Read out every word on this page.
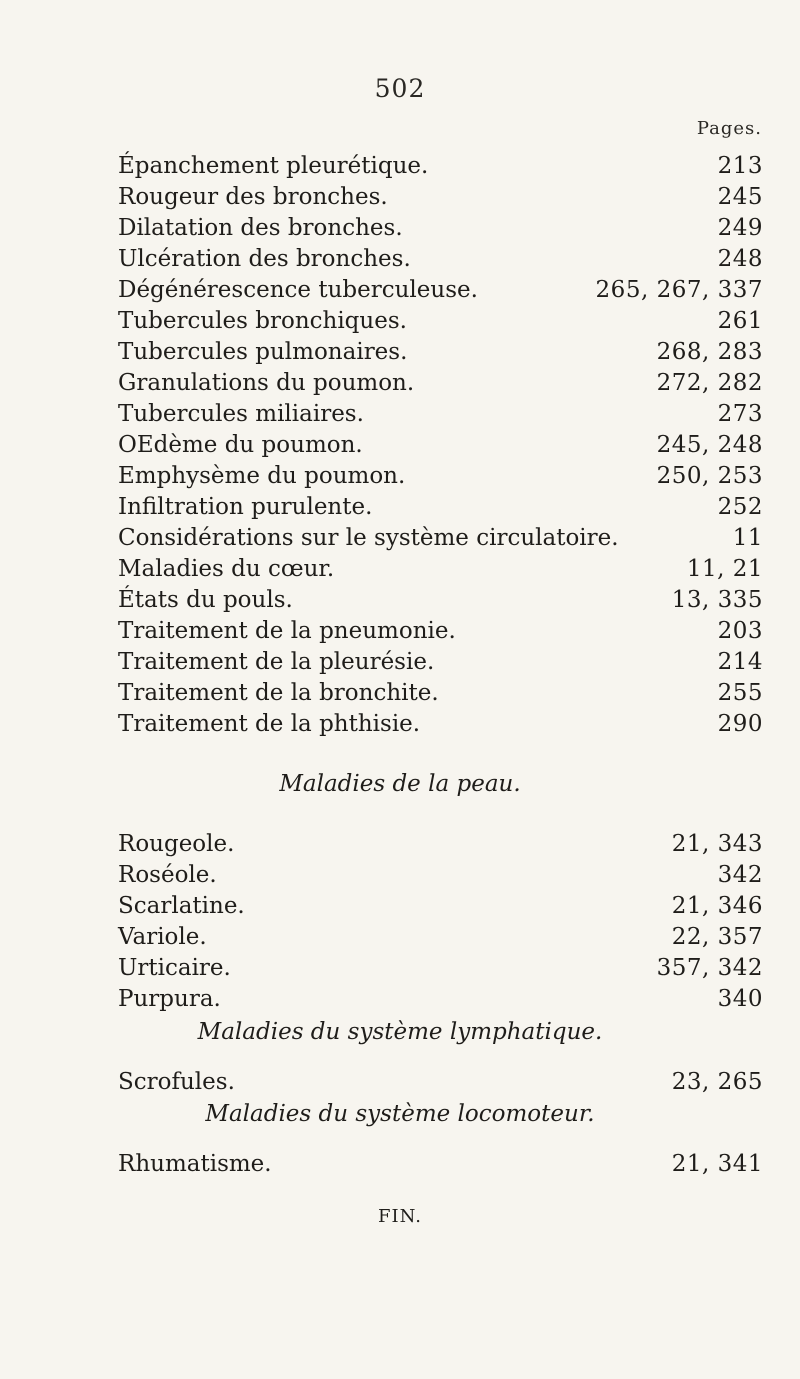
502
Pages.
Épanchement pleurétique.	213
Rougeur des bronches.	245
Dilatation des bronches.	249
Ulcération des bronches.	248
Dégénérescence tuberculeuse.	265, 267, 337
Tubercules bronchiques.	261
Tubercules pulmonaires.	268, 283
Granulations du poumon.	272, 282
Tubercules miliaires.	273
OEdème du poumon.	245, 248
Emphysème du poumon.	250, 253
Infiltration purulente.	252
Considérations sur le système circulatoire.	11
Maladies du cœur.	11, 21
États du pouls.	13, 335
Traitement de la pneumonie.	203
Traitement de la pleurésie.	214
Traitement de la bronchite.	255
Traitement de la phthisie.	290
Maladies de la peau.
Rougeole.	21, 343
Roséole.	342
Scarlatine.	21, 346
Variole.	22, 357
Urticaire.	357, 342
Purpura.	340
Maladies du système lymphatique.
Scrofules.	23, 265
Maladies du système locomoteur.
Rhumatisme.	21, 341
FIN.
